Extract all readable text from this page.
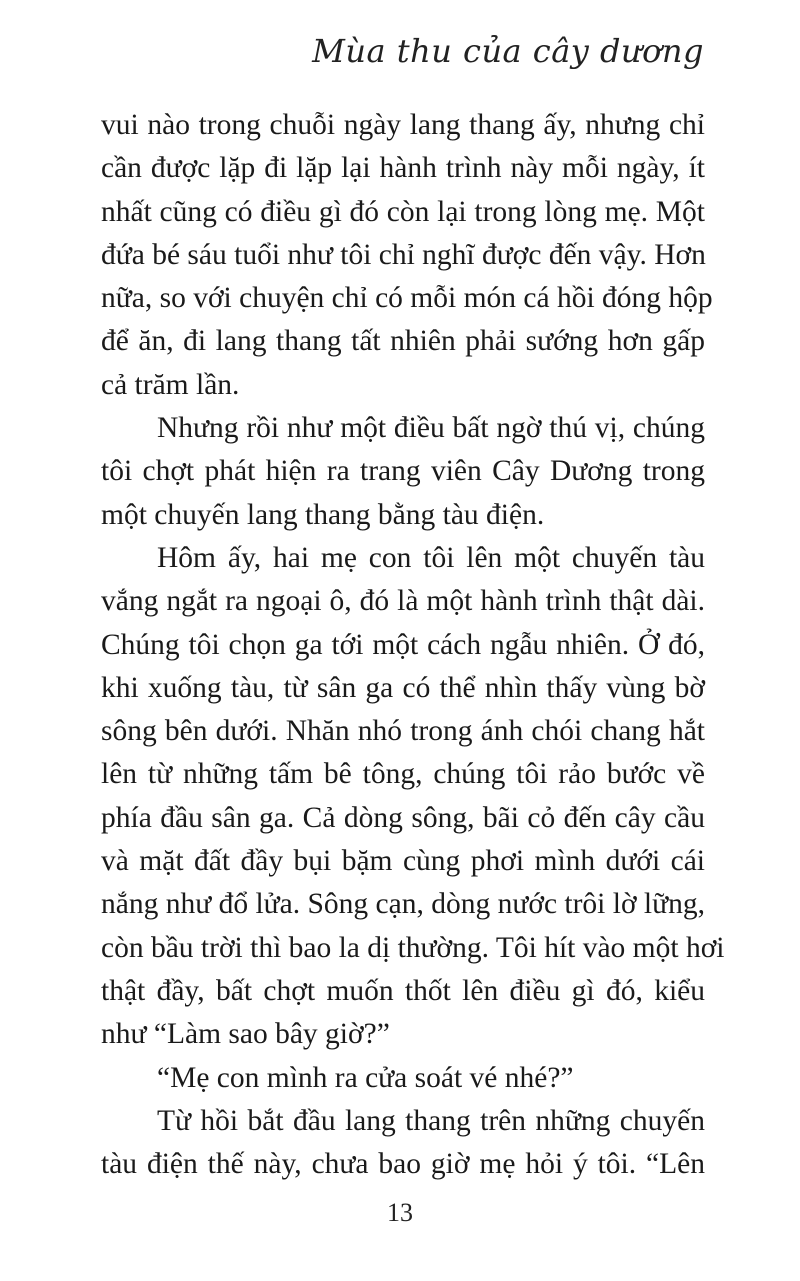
Mùa thu của cây dương
vui nào trong chuỗi ngày lang thang ấy, nhưng chỉ
cần được lặp đi lặp lại hành trình này mỗi ngày, ít
nhất cũng có điều gì đó còn lại trong lòng mẹ. Một
đứa bé sáu tuổi như tôi chỉ nghĩ được đến vậy. Hơn
nữa, so với chuyện chỉ có mỗi món cá hồi đóng hộp
để ăn, đi lang thang tất nhiên phải sướng hơn gấp
cả trăm lần.
Nhưng rồi như một điều bất ngờ thú vị, chúng
tôi chợt phát hiện ra trang viên Cây Dương trong
một chuyến lang thang bằng tàu điện.
Hôm ấy, hai mẹ con tôi lên một chuyến tàu
vắng ngắt ra ngoại ô, đó là một hành trình thật dài.
Chúng tôi chọn ga tới một cách ngẫu nhiên. Ở đó,
khi xuống tàu, từ sân ga có thể nhìn thấy vùng bờ
sông bên dưới. Nhăn nhó trong ánh chói chang hắt
lên từ những tấm bê tông, chúng tôi rảo bước về
phía đầu sân ga. Cả dòng sông, bãi cỏ đến cây cầu
và mặt đất đầy bụi bặm cùng phơi mình dưới cái
nắng như đổ lửa. Sông cạn, dòng nước trôi lờ lững,
còn bầu trời thì bao la dị thường. Tôi hít vào một hơi
thật đầy, bất chợt muốn thốt lên điều gì đó, kiểu
như “Làm sao bây giờ?”
“Mẹ con mình ra cửa soát vé nhé?”
Từ hồi bắt đầu lang thang trên những chuyến
tàu điện thế này, chưa bao giờ mẹ hỏi ý tôi. “Lên
13
